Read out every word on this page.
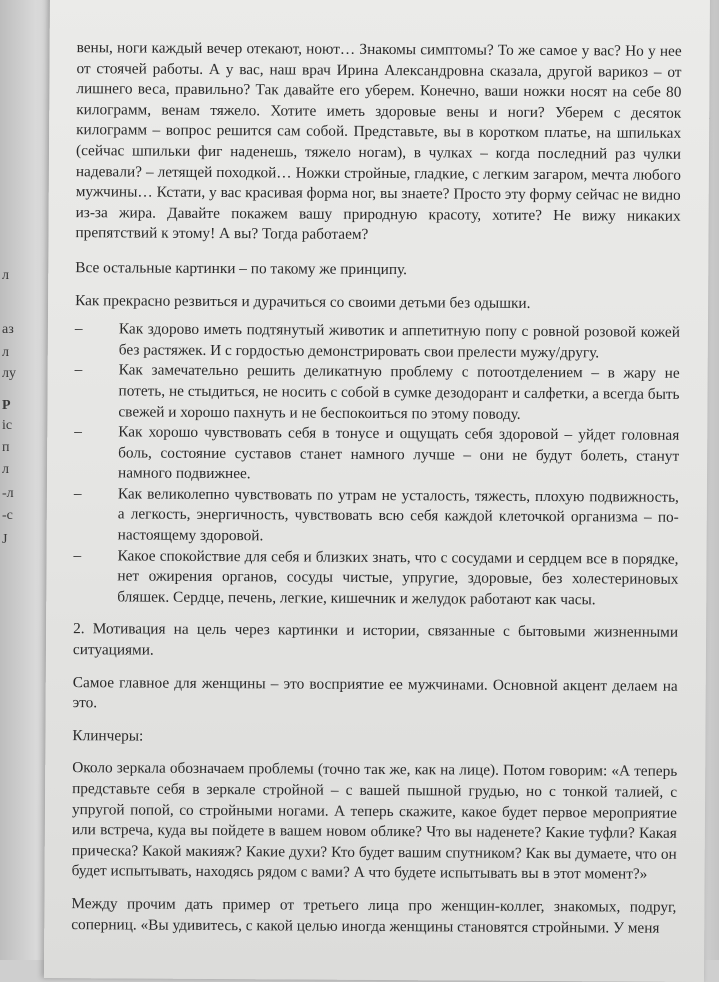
л
аз
л
лу
Р
ic
п
л
-л
-с
J

вены, ноги каждый вечер отекают, ноют… Знакомы симптомы? То же самое у вас? Но у нее от стоячей работы. А у вас, наш врач Ирина Александровна сказала, другой варикоз – от лишнего веса, правильно? Так давайте его уберем. Конечно, ваши ножки носят на себе 80 килограмм, венам тяжело. Хотите иметь здоровые вены и ноги? Уберем с десяток килограмм – вопрос решится сам собой. Представьте, вы в коротком платье, на шпильках (сейчас шпильки фиг наденешь, тяжело ногам), в чулках – когда последний раз чулки надевали? – летящей походкой… Ножки стройные, гладкие, с легким загаром, мечта любого мужчины… Кстати, у вас красивая форма ног, вы знаете? Просто эту форму сейчас не видно из-за жира. Давайте покажем вашу природную красоту, хотите? Не вижу никаких препятствий к этому! А вы? Тогда работаем?

Все остальные картинки – по такому же принципу.

Как прекрасно резвиться и дурачиться со своими детьми без одышки.

–	Как здорово иметь подтянутый животик и аппетитную попу с ровной розовой кожей без растяжек. И с гордостью демонстрировать свои прелести мужу/другу.
–	Как замечательно решить деликатную проблему с потоотделением – в жару не потеть, не стыдиться, не носить с собой в сумке дезодорант и салфетки, а всегда быть свежей и хорошо пахнуть и не беспокоиться по этому поводу.
–	Как хорошо чувствовать себя в тонусе и ощущать себя здоровой – уйдет головная боль, состояние суставов станет намного лучше – они не будут болеть, станут намного подвижнее.
–	Как великолепно чувствовать по утрам не усталость, тяжесть, плохую подвижность, а легкость, энергичность, чувствовать всю себя каждой клеточкой организма – по-настоящему здоровой.
–	Какое спокойствие для себя и близких знать, что с сосудами и сердцем все в порядке, нет ожирения органов, сосуды чистые, упругие, здоровые, без холестериновых бляшек. Сердце, печень, легкие, кишечник и желудок работают как часы.

2. Мотивация на цель через картинки и истории, связанные с бытовыми жизненными ситуациями.

Самое главное для женщины – это восприятие ее мужчинами. Основной акцент делаем на это.

Клинчеры:

Около зеркала обозначаем проблемы (точно так же, как на лице). Потом говорим: «А теперь представьте себя в зеркале стройной – с вашей пышной грудью, но с тонкой талией, с упругой попой, со стройными ногами. А теперь скажите, какое будет первое мероприятие или встреча, куда вы пойдете в вашем новом облике? Что вы наденете? Какие туфли? Какая прическа? Какой макияж? Какие духи? Кто будет вашим спутником? Как вы думаете, что он будет испытывать, находясь рядом с вами? А что будете испытывать вы в этот момент?»

Между прочим дать пример от третьего лица про женщин-коллег, знакомых, подруг, соперниц. «Вы удивитесь, с какой целью иногда женщины становятся стройными. У меня
